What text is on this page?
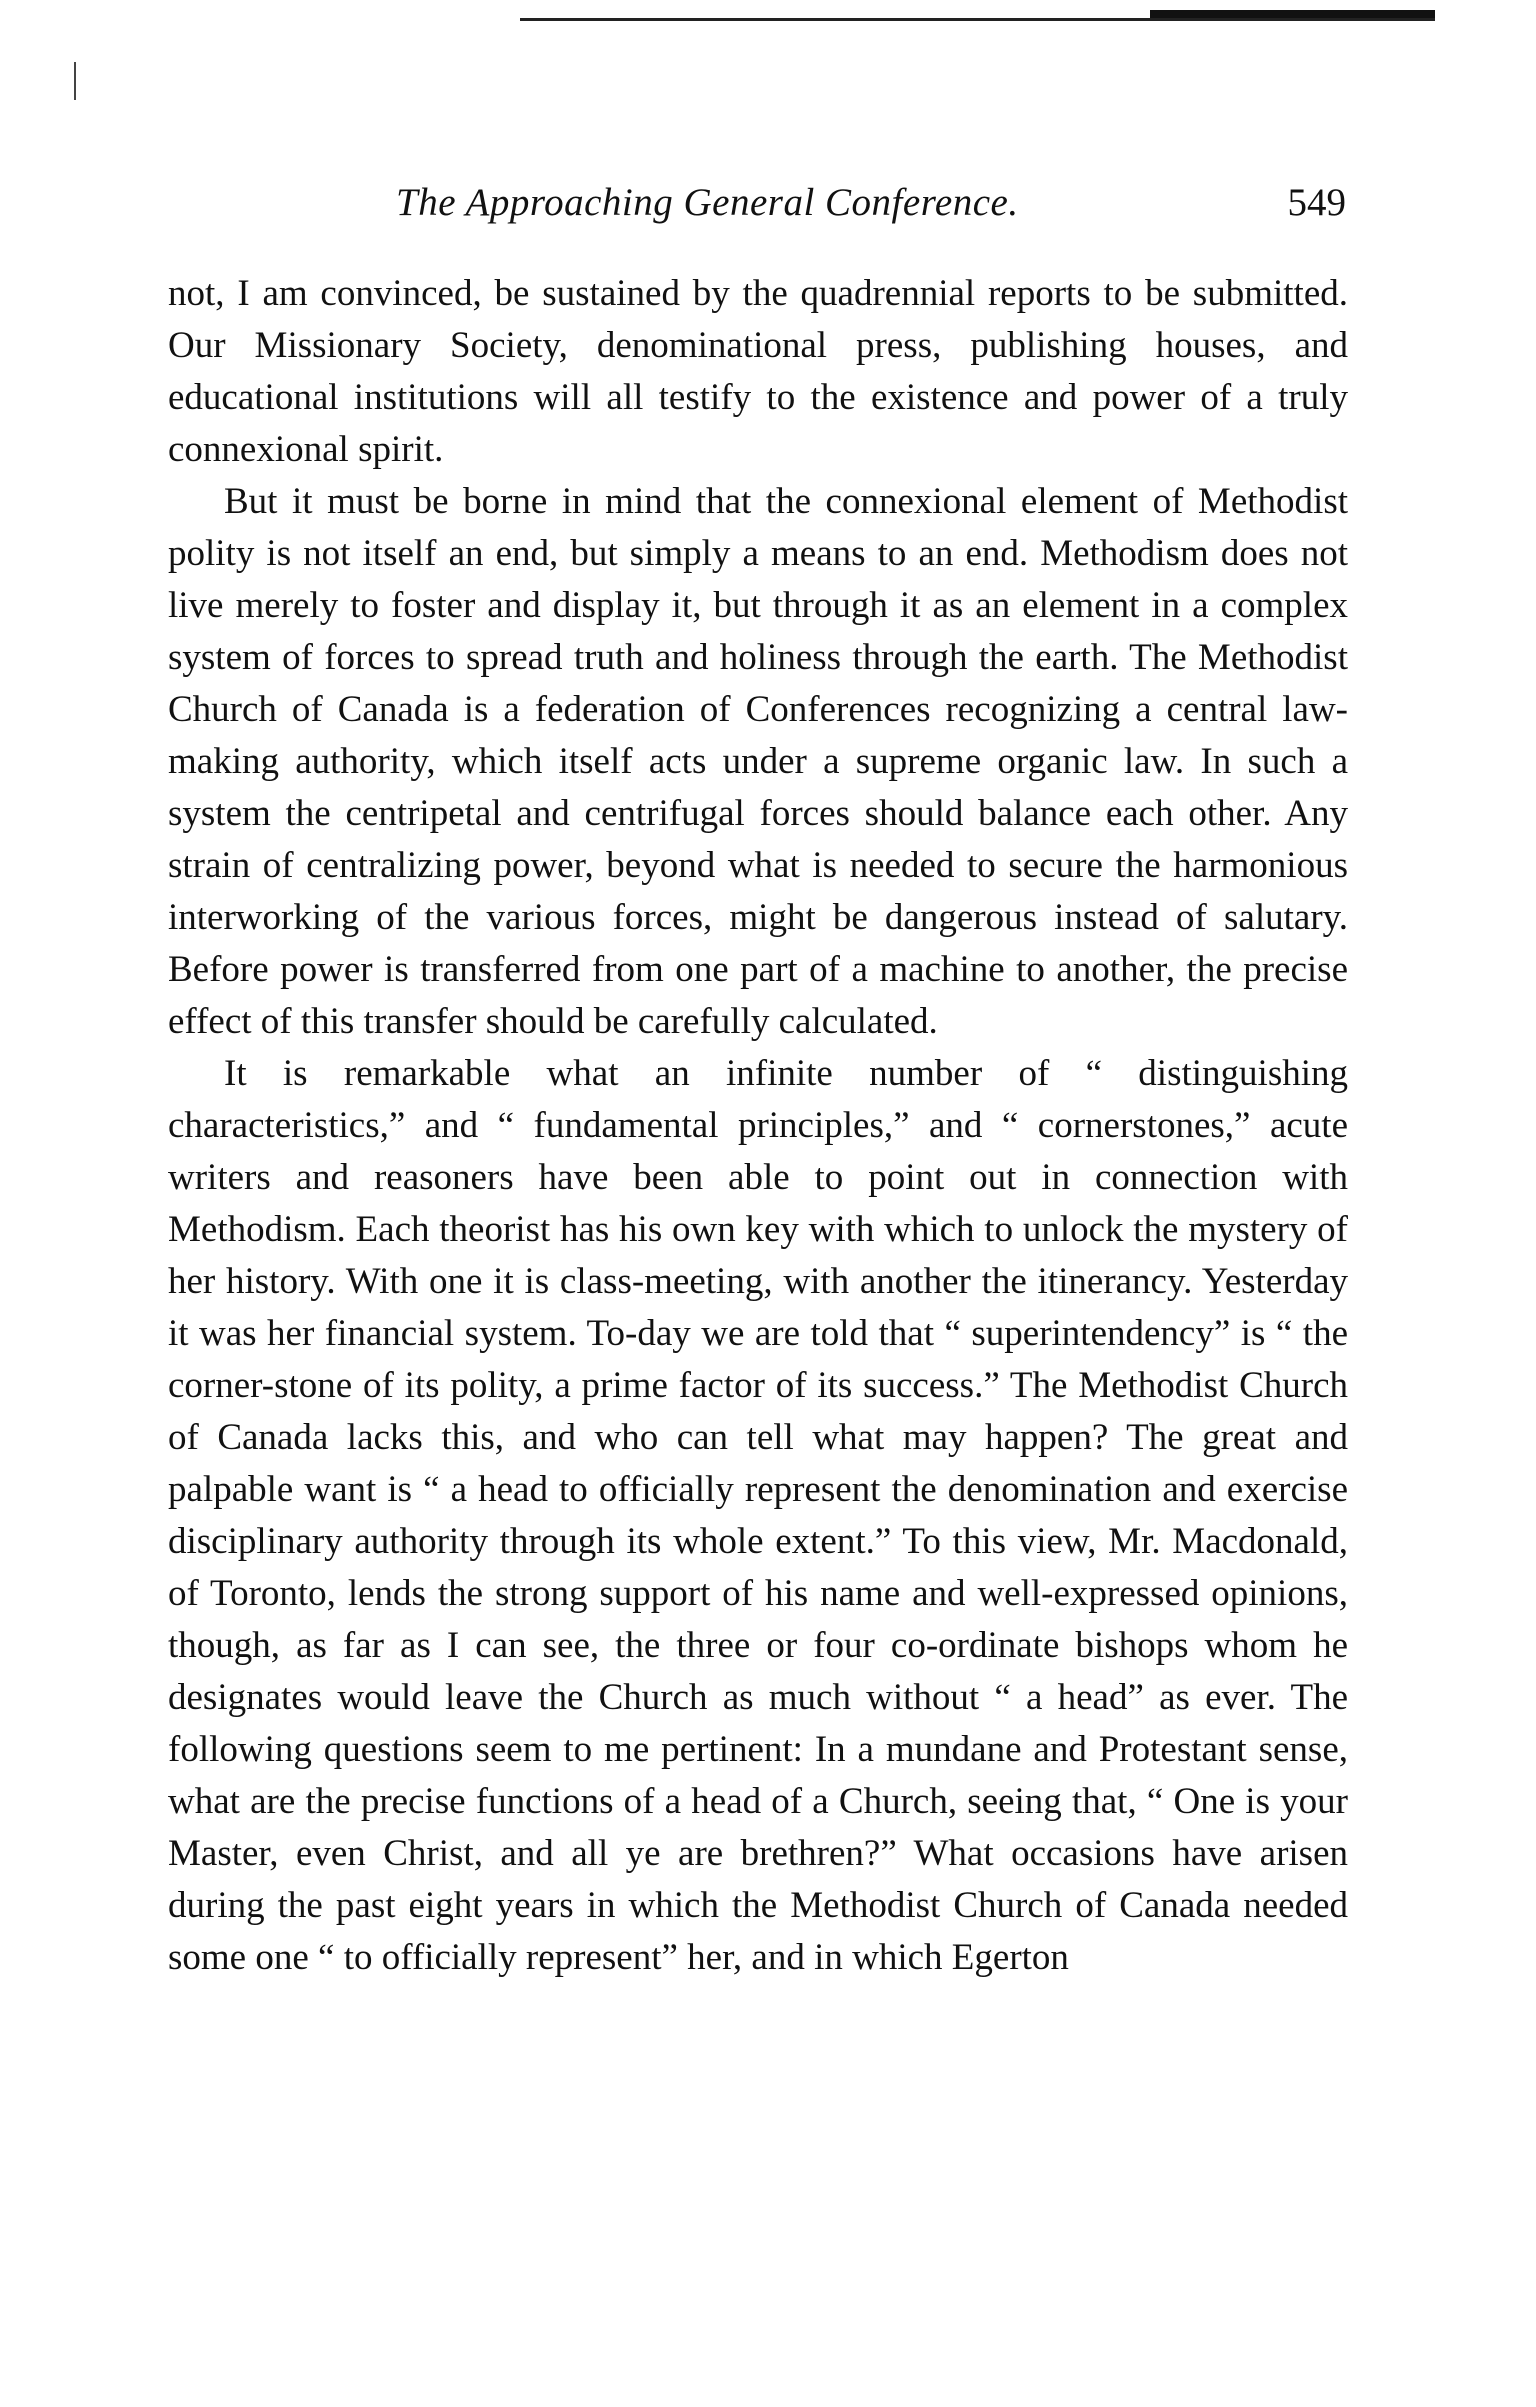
The Approaching General Conference.	549

not, I am convinced, be sustained by the quadrennial reports to be submitted. Our Missionary Society, denominational press, publishing houses, and educational institutions will all testify to the existence and power of a truly connexional spirit.

But it must be borne in mind that the connexional element of Methodist polity is not itself an end, but simply a means to an end. Methodism does not live merely to foster and display it, but through it as an element in a complex system of forces to spread truth and holiness through the earth. The Methodist Church of Canada is a federation of Conferences recognizing a central law-making authority, which itself acts under a supreme organic law. In such a system the centripetal and centrifugal forces should balance each other. Any strain of centralizing power, beyond what is needed to secure the harmonious interworking of the various forces, might be dangerous instead of salutary. Before power is transferred from one part of a machine to another, the precise effect of this transfer should be carefully calculated.

It is remarkable what an infinite number of “ distinguishing characteristics,” and “ fundamental principles,” and “ cornerstones,” acute writers and reasoners have been able to point out in connection with Methodism. Each theorist has his own key with which to unlock the mystery of her history. With one it is class-meeting, with another the itinerancy. Yesterday it was her financial system. To-day we are told that “ superintendency” is “ the corner-stone of its polity, a prime factor of its success.” The Methodist Church of Canada lacks this, and who can tell what may happen? The great and palpable want is “ a head to officially represent the denomination and exercise disciplinary authority through its whole extent.” To this view, Mr. Macdonald, of Toronto, lends the strong support of his name and well-expressed opinions, though, as far as I can see, the three or four co-ordinate bishops whom he designates would leave the Church as much without “ a head” as ever. The following questions seem to me pertinent: In a mundane and Protestant sense, what are the precise functions of a head of a Church, seeing that, “ One is your Master, even Christ, and all ye are brethren?” What occasions have arisen during the past eight years in which the Methodist Church of Canada needed some one “ to officially represent” her, and in which Egerton
